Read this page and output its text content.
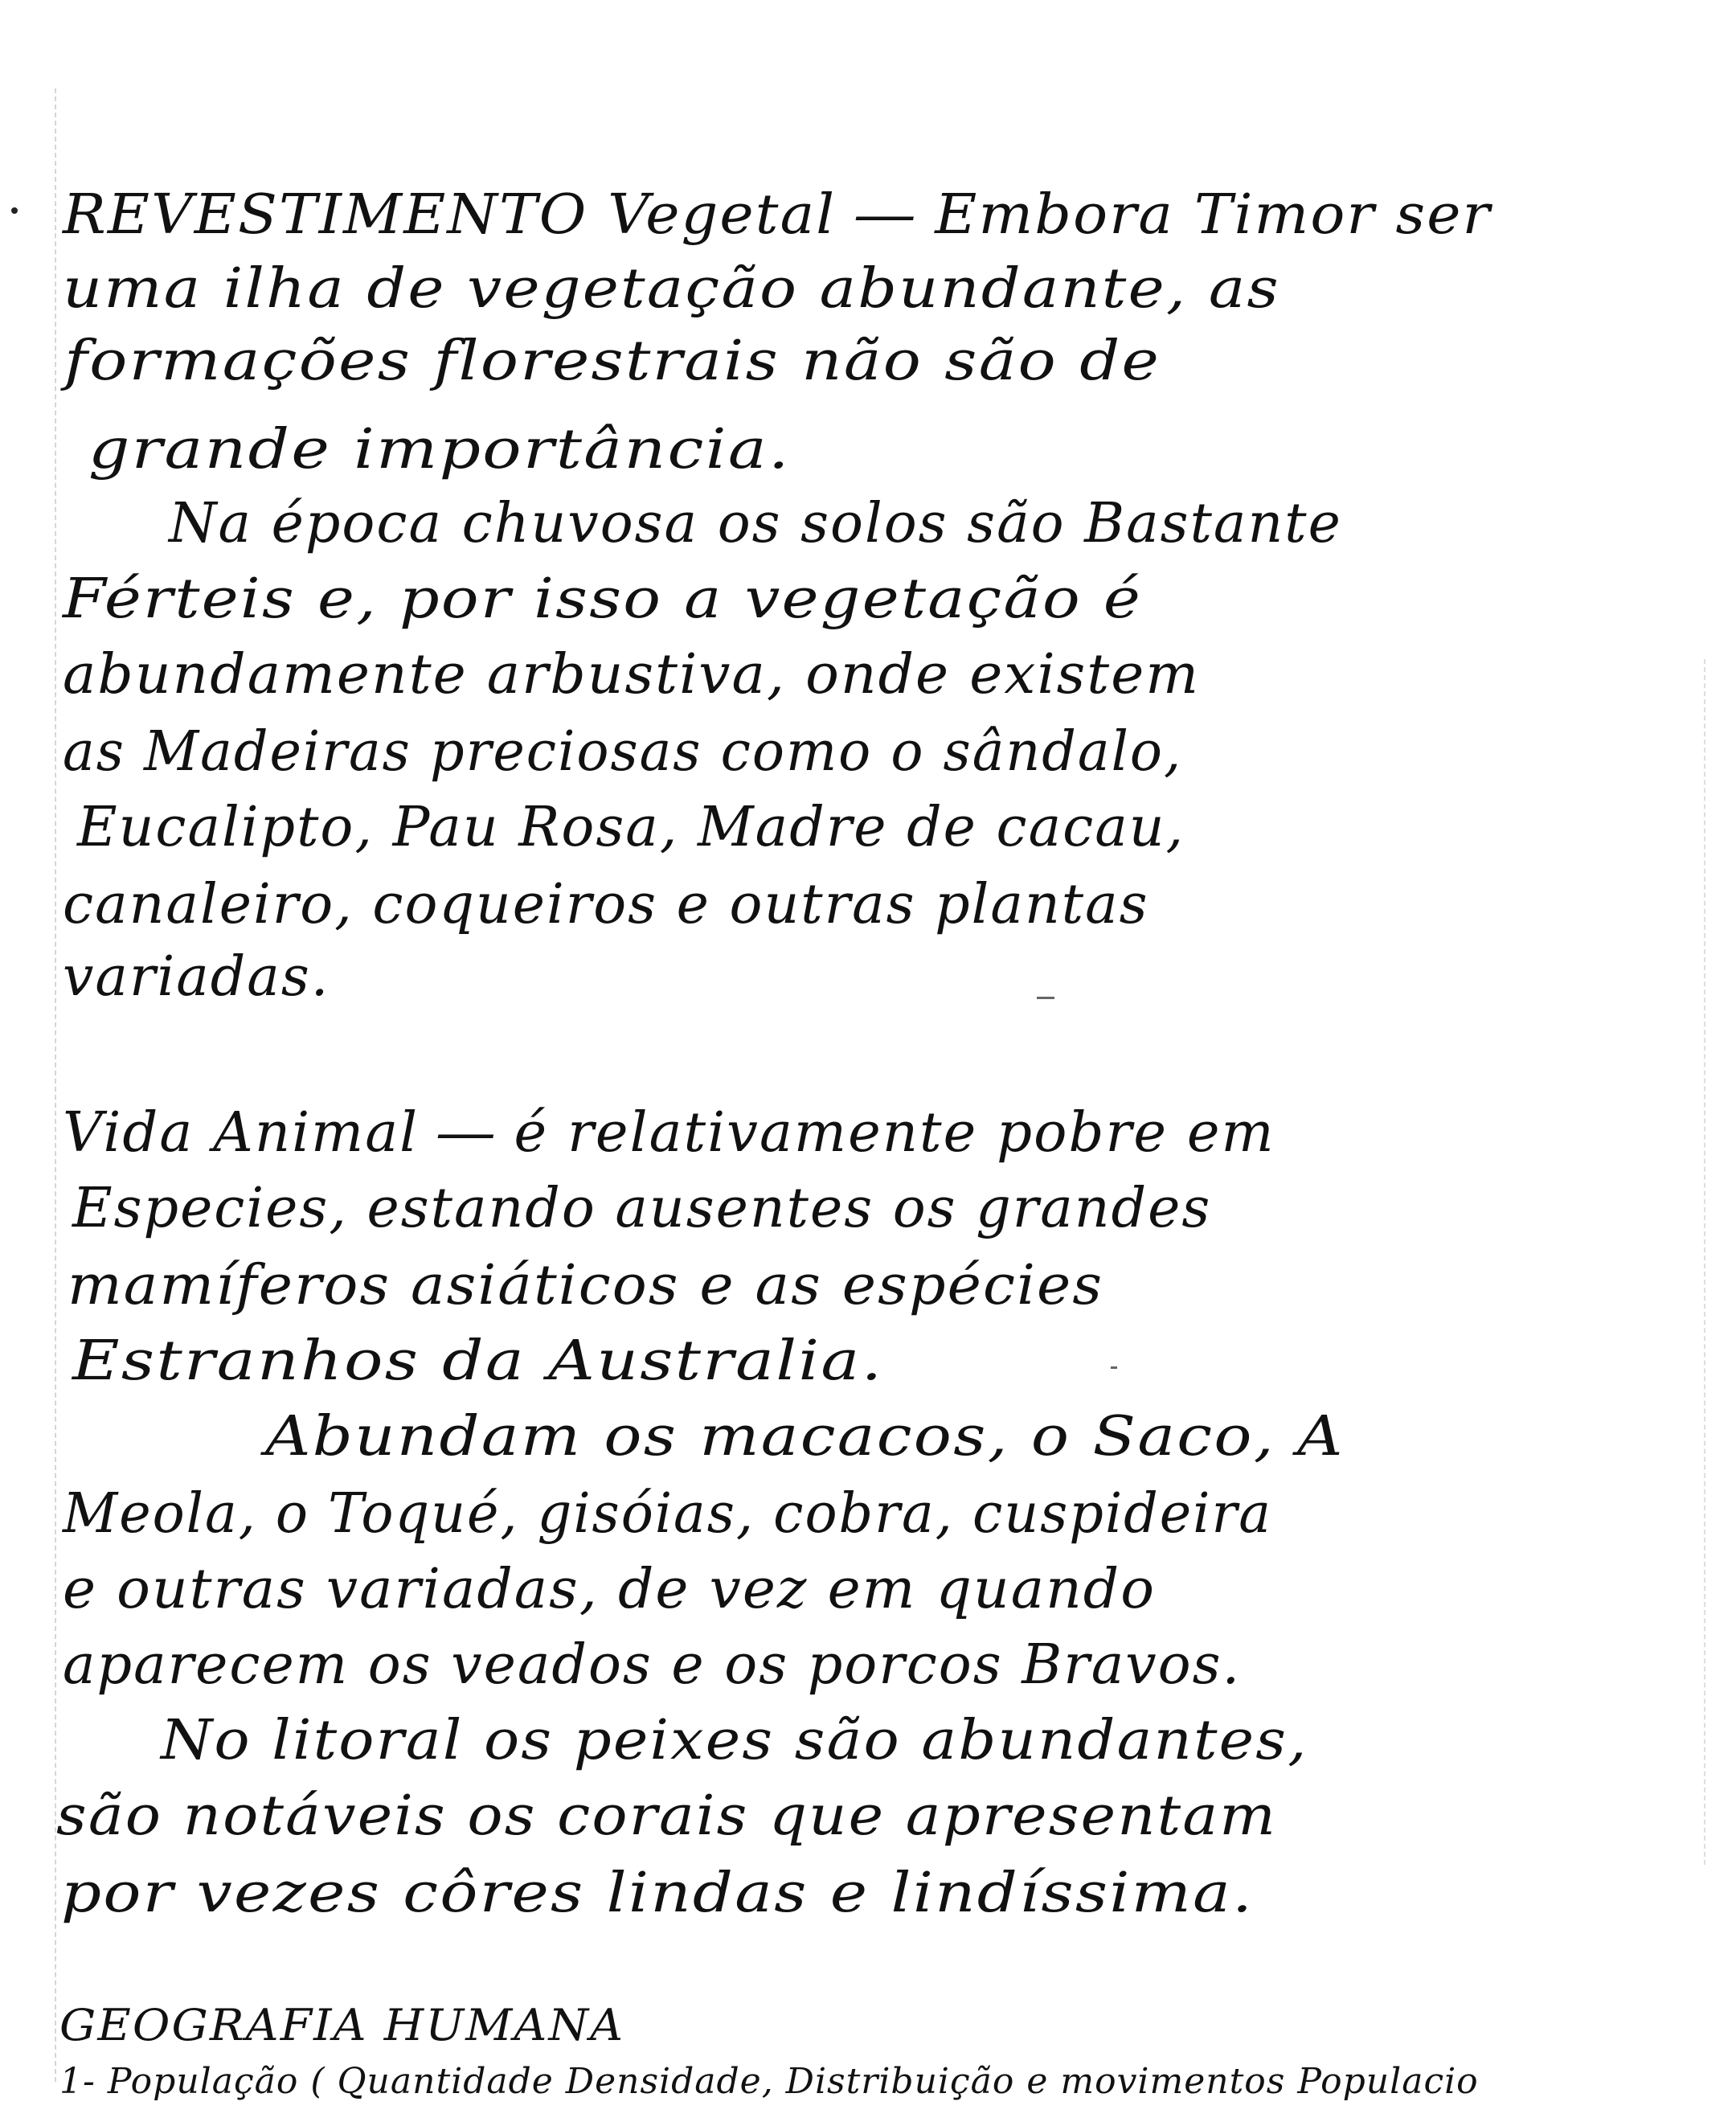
REVESTIMENTO Vegetal ― Embora Timor ser
uma ilha de vegetação abundante, as
formações florestrais não são de
grande importância.
Na época chuvosa os solos são Bastante
Férteis e, por isso a vegetação é
abundamente arbustiva, onde existem
as Madeiras preciosas como o sândalo,
Eucalipto, Pau Rosa, Madre de cacau,
canaleiro, coqueiros e outras plantas
variadas.
Vida Animal ― é relativamente pobre em
Especies, estando ausentes os grandes
mamíferos asiáticos e as espécies
Estranhos da Australia.
Abundam os macacos, o Saco, A
Meola, o Toqué, gisóias, cobra, cuspideira
e outras variadas, de vez em quando
aparecem os veados e os porcos Bravos.
No litoral os peixes são abundantes,
são notáveis os corais que apresentam
por vezes côres lindas e lindíssima.
GEOGRAFIA HUMANA
1- População ( Quantidade Densidade, Distribuição e movimentos Populacio
